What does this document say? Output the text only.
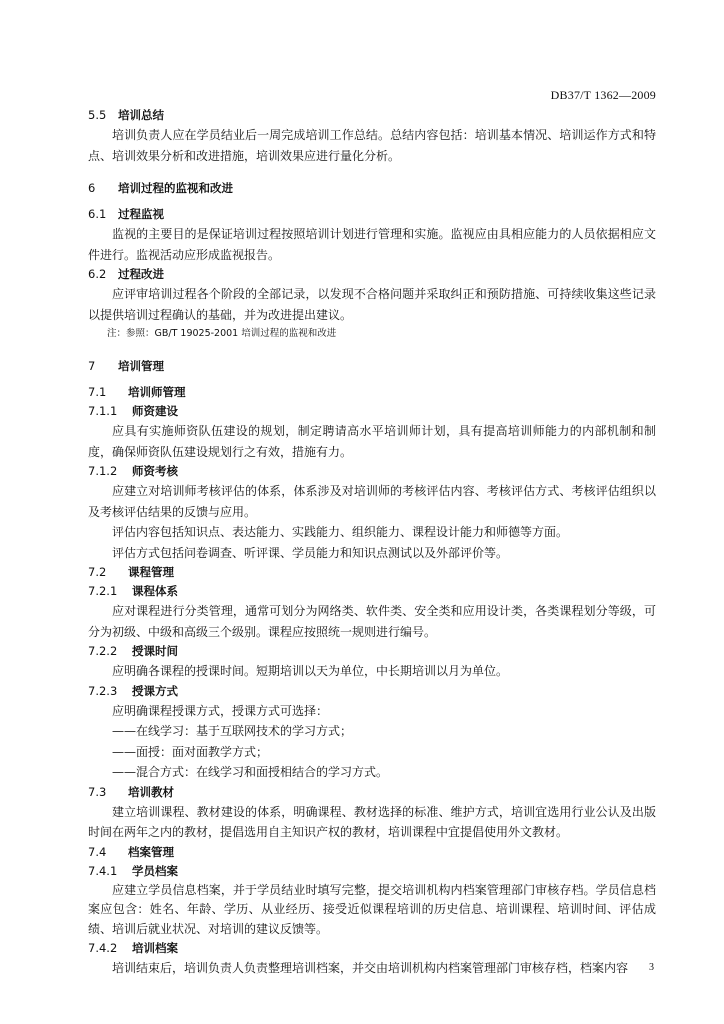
DB37/T 1362—2009
5.5 培训总结

培训负责人应在学员结业后一周完成培训工作总结。总结内容包括：培训基本情况、培训运作方式和特点、培训效果分析和改进措施，培训效果应进行量化分析。

6 培训过程的监视和改进
6.1 过程监视

监视的主要目的是保证培训过程按照培训计划进行管理和实施。监视应由具相应能力的人员依据相应文件进行。监视活动应形成监视报告。

6.2 过程改进

应评审培训过程各个阶段的全部记录，以发现不合格问题并采取纠正和预防措施、可持续收集这些记录以提供培训过程确认的基础，并为改进提出建议。

注：参照：GB/T 19025-2001 培训过程的监视和改进
7 培训管理
7.1 培训师管理
7.1.1 师资建设

应具有实施师资队伍建设的规划，制定聘请高水平培训师计划，具有提高培训师能力的内部机制和制度，确保师资队伍建设规划行之有效，措施有力。

7.1.2 师资考核

应建立对培训师考核评估的体系，体系涉及对培训师的考核评估内容、考核评估方式、考核评估组织以及考核评估结果的反馈与应用。

评估内容包括知识点、表达能力、实践能力、组织能力、课程设计能力和师德等方面。

评估方式包括问卷调查、听评课、学员能力和知识点测试以及外部评价等。

7.2 课程管理
7.2.1 课程体系

应对课程进行分类管理，通常可划分为网络类、软件类、安全类和应用设计类，各类课程划分等级，可分为初级、中级和高级三个级别。课程应按照统一规则进行编号。

7.2.2 授课时间

应明确各课程的授课时间。短期培训以天为单位，中长期培训以月为单位。

7.2.3 授课方式

应明确课程授课方式，授课方式可选择：

——在线学习：基于互联网技术的学习方式；
——面授：面对面教学方式；
——混合方式：在线学习和面授相结合的学习方式。
7.3 培训教材

建立培训课程、教材建设的体系，明确课程、教材选择的标准、维护方式，培训宜选用行业公认及出版时间在两年之内的教材，提倡选用自主知识产权的教材，培训课程中宜提倡使用外文教材。

7.4 档案管理
7.4.1 学员档案

应建立学员信息档案，并于学员结业时填写完整，提交培训机构内档案管理部门审核存档。学员信息档案应包含：姓名、年龄、学历、从业经历、接受近似课程培训的历史信息、培训课程、培训时间、评估成绩、培训后就业状况、对培训的建议反馈等。

7.4.2 培训档案

培训结束后，培训负责人负责整理培训档案，并交由培训机构内档案管理部门审核存档，档案内容	3
